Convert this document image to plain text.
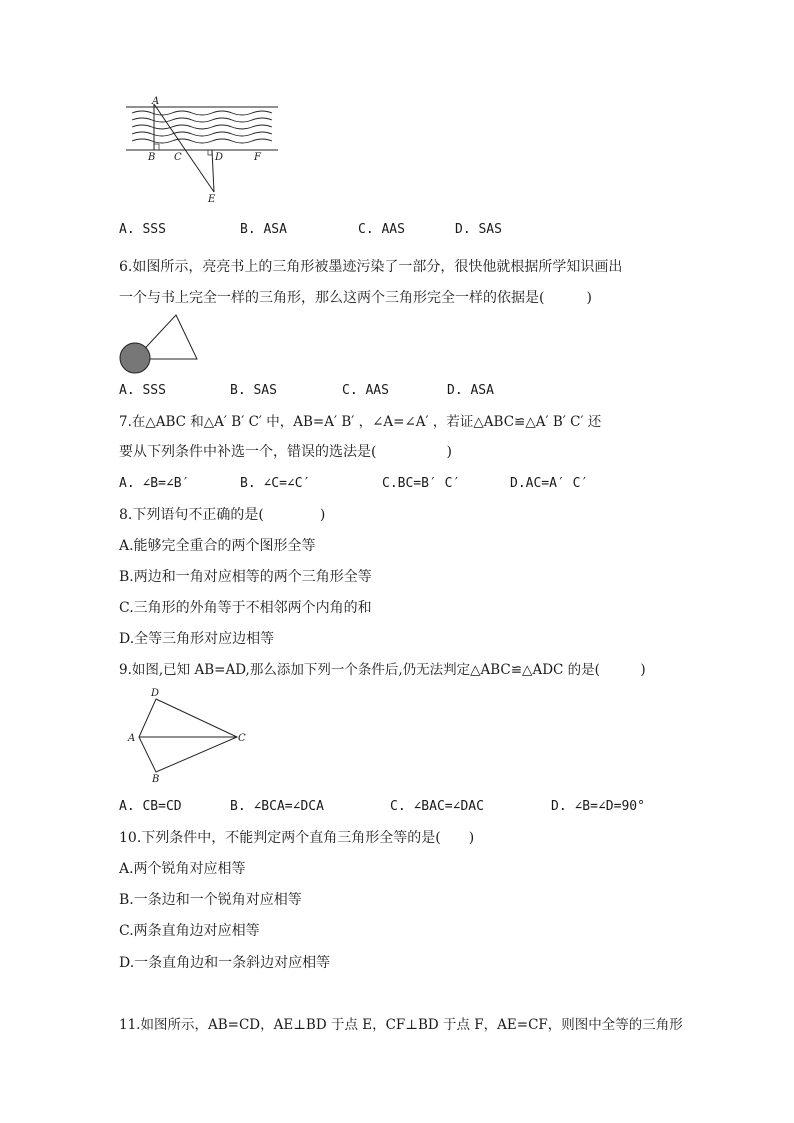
A
B C	D	F
E
A. SSS	B. ASA	C. AAS	D. SAS
6.如图所示，亮亮书上的三角形被墨迹污染了一部分，很快他就根据所学知识画出
一个与书上完全一样的三角形，那么这两个三角形完全一样的依据是(　　　)
A. SSS	B. SAS	C. AAS	D. ASA
7.在△ABC 和△A′ B′ C′ 中，AB=A′ B′ ，∠A=∠A′ ，若证△ABC≌△A′ B′ C′ 还
要从下列条件中补选一个，错误的选法是(　　　　　)
A. ∠B=∠B′	B. ∠C=∠C′	C.BC=B′ C′	D.AC=A′ C′
8.下列语句不正确的是(　　　　)
A.能够完全重合的两个图形全等
B.两边和一角对应相等的两个三角形全等
C.三角形的外角等于不相邻两个内角的和
D.全等三角形对应边相等
9.如图,已知 AB=AD,那么添加下列一个条件后,仍无法判定△ABC≌△ADC 的是(　　　)
D
A	C
B
A. CB=CD	B. ∠BCA=∠DCA	C. ∠BAC=∠DAC	D. ∠B=∠D=90°
10.下列条件中，不能判定两个直角三角形全等的是(　　)
A.两个锐角对应相等
B.一条边和一个锐角对应相等
C.两条直角边对应相等
D.一条直角边和一条斜边对应相等
11.如图所示，AB=CD，AE⊥BD 于点 E，CF⊥BD 于点 F，AE=CF，则图中全等的三角形
